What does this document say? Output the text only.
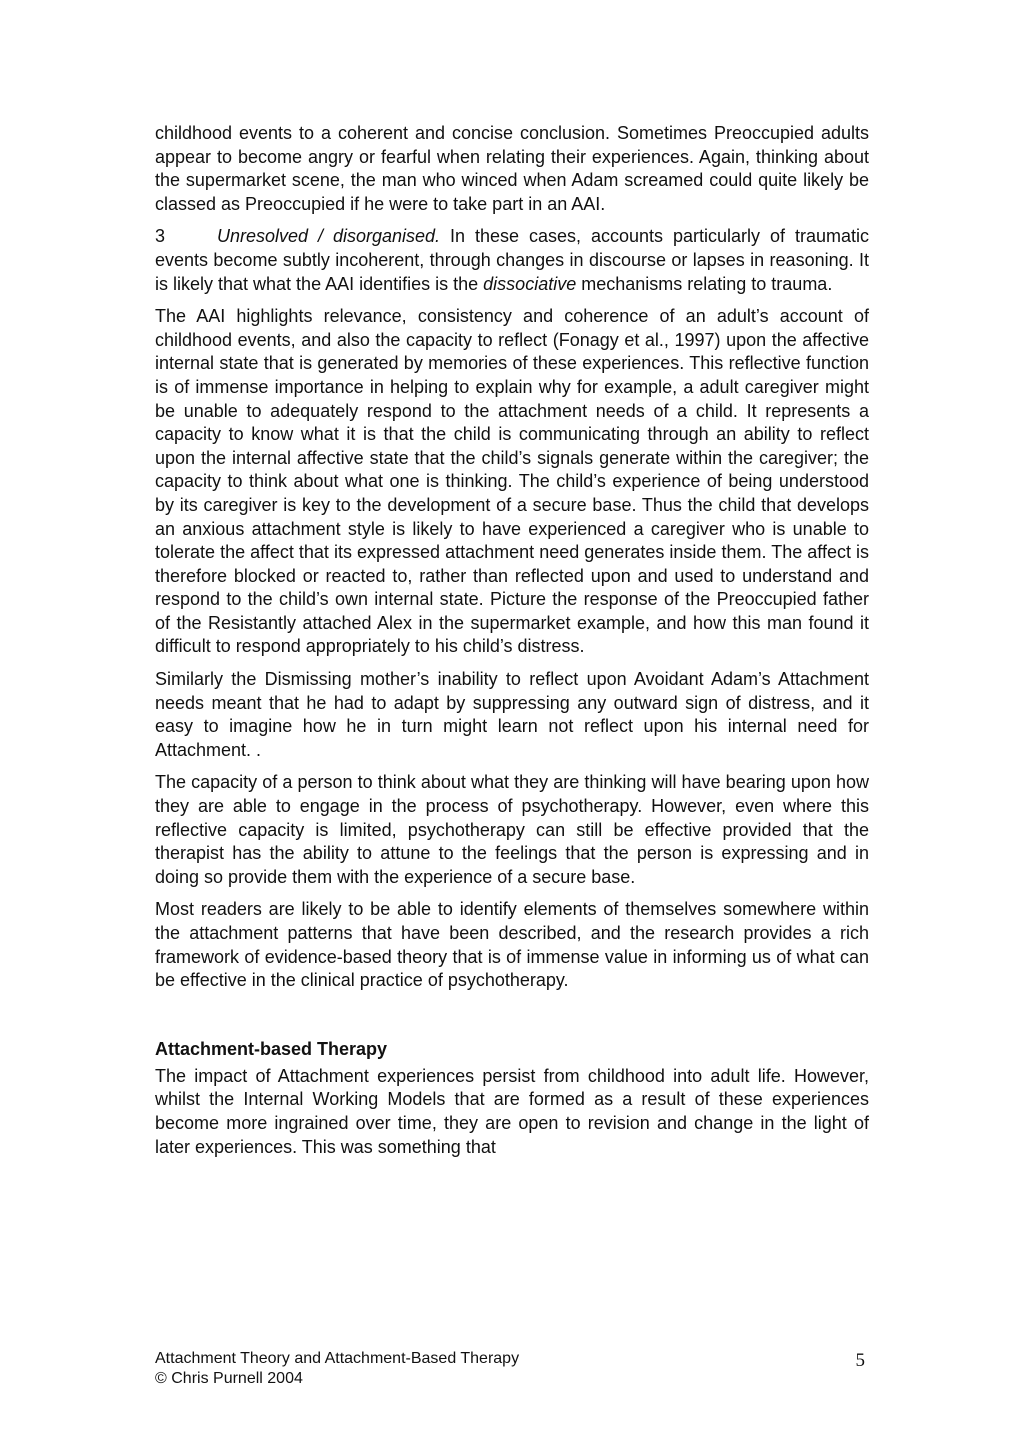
childhood events to a coherent and concise conclusion. Sometimes Preoccupied adults appear to become angry or fearful when relating their experiences. Again, thinking about the supermarket scene, the man who winced when Adam screamed could quite likely be classed as Preoccupied if he were to take part in an AAI.

3	Unresolved / disorganised. In these cases, accounts particularly of traumatic events become subtly incoherent, through changes in discourse or lapses in reasoning. It is likely that what the AAI identifies is the dissociative mechanisms relating to trauma.

The AAI highlights relevance, consistency and coherence of an adult’s account of childhood events, and also the capacity to reflect (Fonagy et al., 1997) upon the affective internal state that is generated by memories of these experiences. This reflective function is of immense importance in helping to explain why for example, a adult caregiver might be unable to adequately respond to the attachment needs of a child. It represents a capacity to know what it is that the child is communicating through an ability to reflect upon the internal affective state that the child’s signals generate within the caregiver; the capacity to think about what one is thinking. The child’s experience of being understood by its caregiver is key to the development of a secure base. Thus the child that develops an anxious attachment style is likely to have experienced a caregiver who is unable to tolerate the affect that its expressed attachment need generates inside them. The affect is therefore blocked or reacted to, rather than reflected upon and used to understand and respond to the child’s own internal state. Picture the response of the Preoccupied father of the Resistantly attached Alex in the supermarket example, and how this man found it difficult to respond appropriately to his child’s distress.

Similarly the Dismissing mother’s inability to reflect upon Avoidant Adam’s Attachment needs meant that he had to adapt by suppressing any outward sign of distress, and it easy to imagine how he in turn might learn not reflect upon his internal need for Attachment. .

The capacity of a person to think about what they are thinking will have bearing upon how they are able to engage in the process of psychotherapy. However, even where this reflective capacity is limited, psychotherapy can still be effective provided that the therapist has the ability to attune to the feelings that the person is expressing and in doing so provide them with the experience of a secure base.

Most readers are likely to be able to identify elements of themselves somewhere within the attachment patterns that have been described, and the research provides a rich framework of evidence-based theory that is of immense value in informing us of what can be effective in the clinical practice of psychotherapy.

Attachment-based Therapy

The impact of Attachment experiences persist from childhood into adult life. However, whilst the Internal Working Models that are formed as a result of these experiences become more ingrained over time, they are open to revision and change in the light of later experiences. This was something that

Attachment Theory and Attachment-Based Therapy
© Chris Purnell 2004
5
